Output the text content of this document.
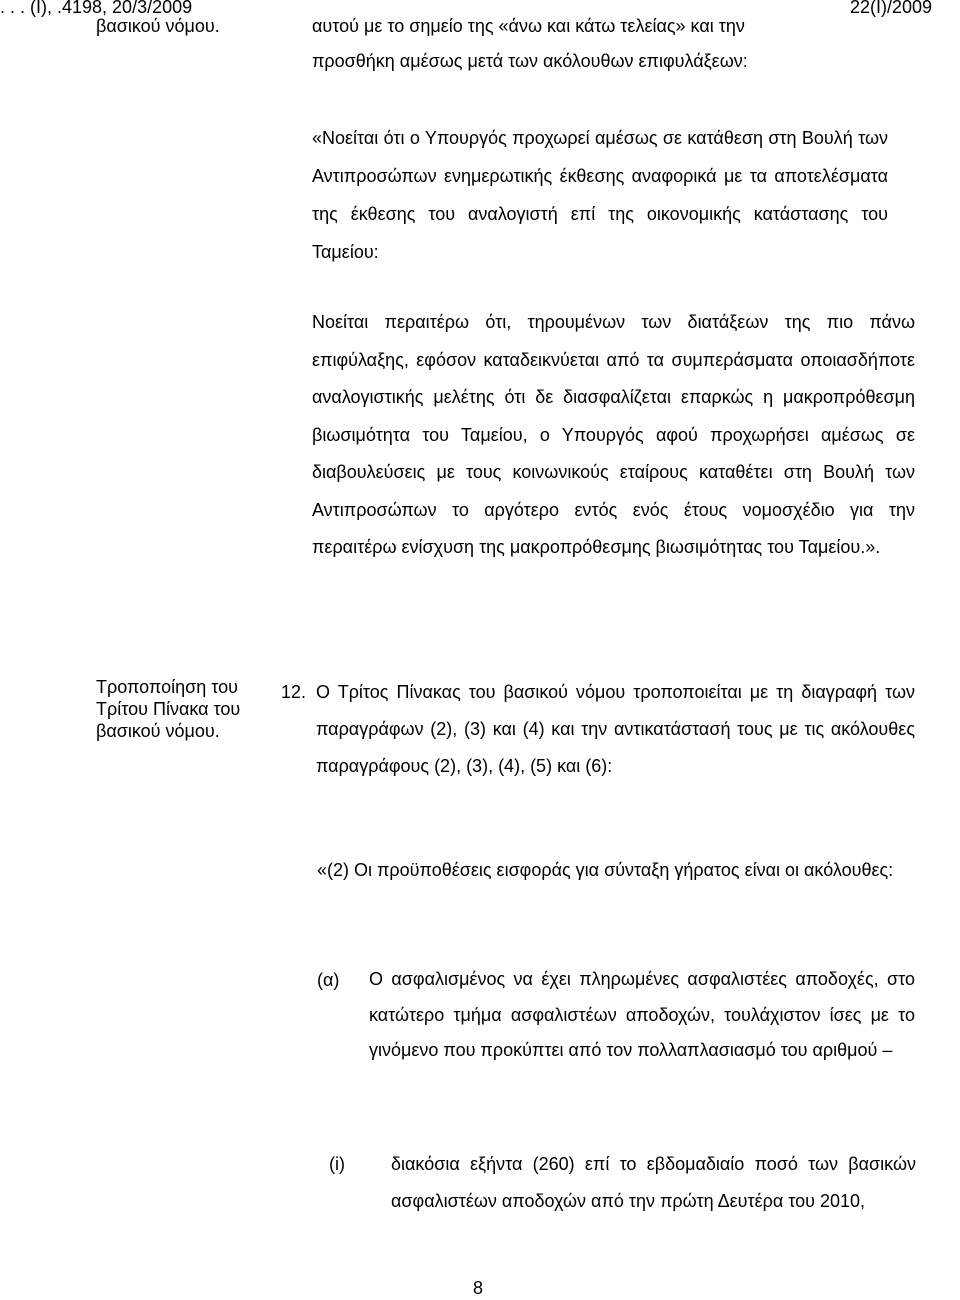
. . . (Ι), .4198, 20/3/2009	22(Ι)/2009
βασικού νόμου.	αυτού με το σημείο της «άνω και κάτω τελείας» και την
προσθήκη αμέσως μετά των ακόλουθων επιφυλάξεων:
«Νοείται ότι ο Υπουργός προχωρεί αμέσως σε κατάθεση στη Βουλή των Αντιπροσώπων ενημερωτικής έκθεσης αναφορικά με τα αποτελέσματα της έκθεσης του αναλογιστή επί της οικονομικής κατάστασης του Ταμείου:
Νοείται περαιτέρω ότι, τηρουμένων των διατάξεων της πιο πάνω επιφύλαξης, εφόσον καταδεικνύεται από τα συμπεράσματα οποιασδήποτε αναλογιστικής μελέτης ότι δε διασφαλίζεται επαρκώς η μακροπρόθεσμη βιωσιμότητα του Ταμείου, ο Υπουργός αφού προχωρήσει αμέσως σε διαβουλεύσεις με τους κοινωνικούς εταίρους καταθέτει στη Βουλή των Αντιπροσώπων το αργότερο εντός ενός έτους νομοσχέδιο για την περαιτέρω ενίσχυση της μακροπρόθεσμης βιωσιμότητας του Ταμείου.».
Τροποποίηση του Τρίτου Πίνακα του βασικού νόμου.
12. Ο Τρίτος Πίνακας του βασικού νόμου τροποποιείται με τη διαγραφή των παραγράφων (2), (3) και (4) και την αντικατάστασή τους με τις ακόλουθες παραγράφους (2), (3), (4), (5) και (6):
«(2) Οι προϋποθέσεις εισφοράς για σύνταξη γήρατος είναι οι ακόλουθες:
(α) Ο ασφαλισμένος να έχει πληρωμένες ασφαλιστέες αποδοχές, στο κατώτερο τμήμα ασφαλιστέων αποδοχών, τουλάχιστον ίσες με το γινόμενο που προκύπτει από τον πολλαπλασιασμό του αριθμού –
(i)	διακόσια εξήντα (260) επί το εβδομαδιαίο ποσό των βασικών ασφαλιστέων αποδοχών από την πρώτη Δευτέρα του 2010,
8
